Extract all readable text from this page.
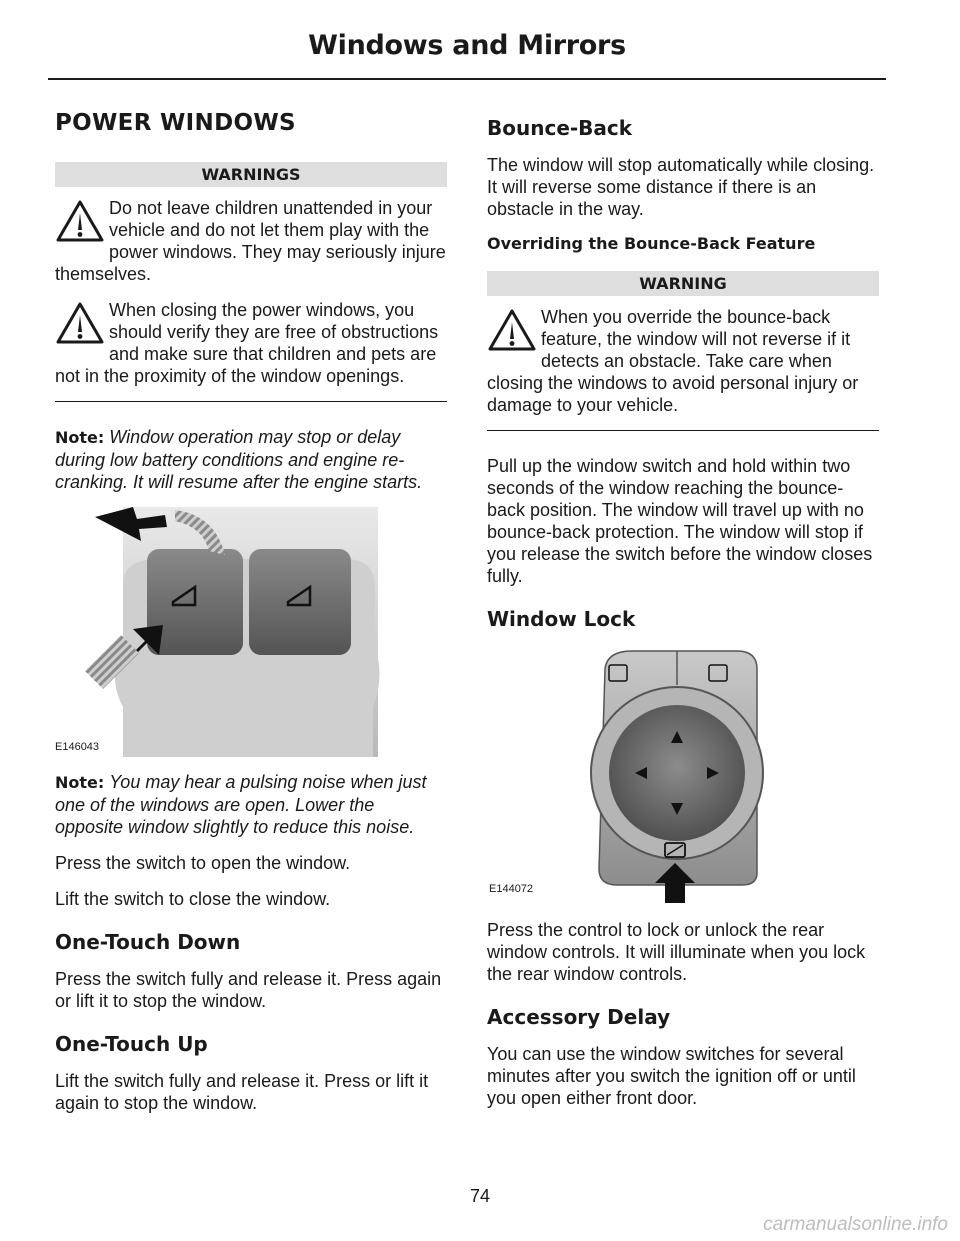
Windows and Mirrors
POWER WINDOWS
WARNINGS
Do not leave children unattended in your vehicle and do not let them play with the power windows. They may seriously injure themselves.
When closing the power windows, you should verify they are free of obstructions and make sure that children and pets are not in the proximity of the window openings.

Note: Window operation may stop or delay during low battery conditions and engine re-cranking. It will resume after the engine starts.

E146043

Note: You may hear a pulsing noise when just one of the windows are open. Lower the opposite window slightly to reduce this noise.

Press the switch to open the window.

Lift the switch to close the window.

One-Touch Down

Press the switch fully and release it. Press again or lift it to stop the window.

One-Touch Up

Lift the switch fully and release it. Press or lift it again to stop the window.

Bounce-Back

The window will stop automatically while closing. It will reverse some distance if there is an obstacle in the way.

Overriding the Bounce-Back Feature
WARNING
When you override the bounce-back feature, the window will not reverse if it detects an obstacle. Take care when closing the windows to avoid personal injury or damage to your vehicle.

Pull up the window switch and hold within two seconds of the window reaching the bounce-back position. The window will travel up with no bounce-back protection. The window will stop if you release the switch before the window closes fully.

Window Lock
E144072

Press the control to lock or unlock the rear window controls. It will illuminate when you lock the rear window controls.

Accessory Delay

You can use the window switches for several minutes after you switch the ignition off or until you open either front door.

74
carmanualsonline.info
